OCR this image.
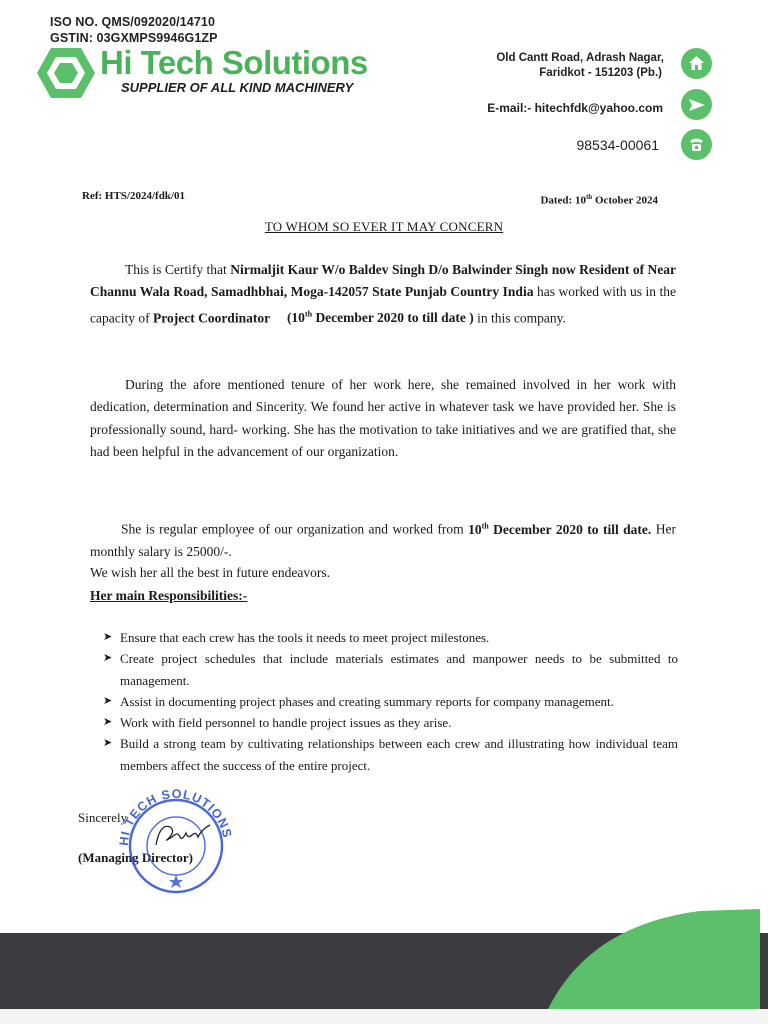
ISO NO. QMS/092020/14710
GSTIN: 03GXMPS9946G1ZP
Hi Tech Solutions
SUPPLIER OF ALL KIND MACHINERY
Old Cantt Road, Adrash Nagar,
Faridkot - 151203 (Pb.)
E-mail:- hitechfdk@yahoo.com
98534-00061
Ref: HTS/2024/fdk/01	Dated: 10th October 2024
TO WHOM SO EVER IT MAY CONCERN
This is Certify that Nirmaljit Kaur W/o Baldev Singh D/o Balwinder Singh now Resident of Near Channu Wala Road, Samadhbhai, Moga-142057 State Punjab Country India has worked with us in the capacity of Project Coordinator (10th December 2020 to till date ) in this company.
During the afore mentioned tenure of her work here, she remained involved in her work with dedication, determination and Sincerity. We found her active in whatever task we have provided her. She is professionally sound, hard- working. She has the motivation to take initiatives and we are gratified that, she had been helpful in the advancement of our organization.
She is regular employee of our organization and worked from 10th December 2020 to till date. Her monthly salary is 25000/-.
We wish her all the best in future endeavors.
Her main Responsibilities:-
➤ Ensure that each crew has the tools it needs to meet project milestones.
➤ Create project schedules that include materials estimates and manpower needs to be submitted to management.
➤ Assist in documenting project phases and creating summary reports for company management.
➤ Work with field personnel to handle project issues as they arise.
➤ Build a strong team by cultivating relationships between each crew and illustrating how individual team members affect the success of the entire project.
Sincerely
(Managing Director)
HI TECH SOLUTIONS
